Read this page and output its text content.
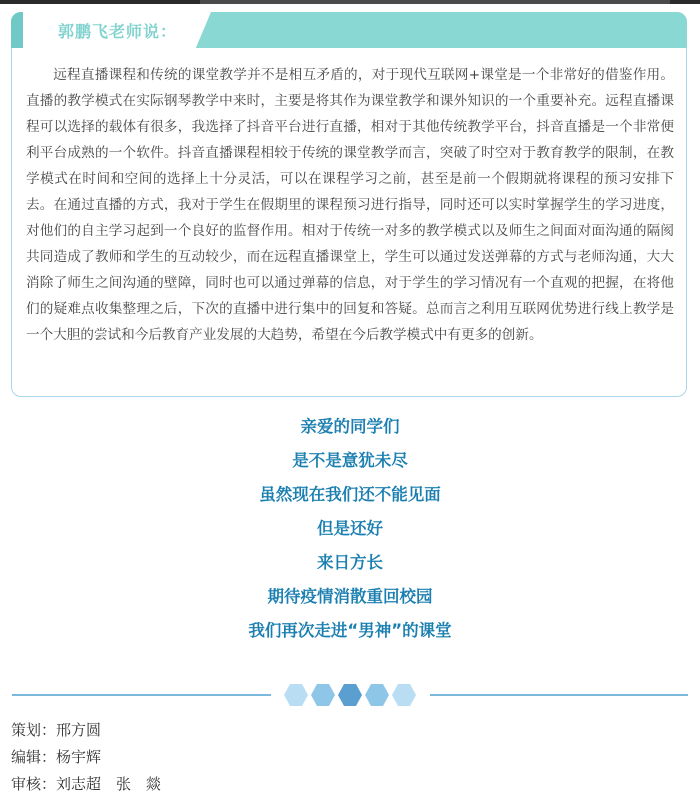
郭鹏飞老师说：

远程直播课程和传统的课堂教学并不是相互矛盾的，对于现代互联网+课堂是一个非常好的借鉴作用。直播的教学模式在实际钢琴教学中来时，主要是将其作为课堂教学和课外知识的一个重要补充。远程直播课程可以选择的载体有很多，我选择了抖音平台进行直播，相对于其他传统教学平台，抖音直播是一个非常便利平台成熟的一个软件。抖音直播课程相较于传统的课堂教学而言，突破了时空对于教育教学的限制，在教学模式在时间和空间的选择上十分灵活，可以在课程学习之前，甚至是前一个假期就将课程的预习安排下去。在通过直播的方式，我对于学生在假期里的课程预习进行指导，同时还可以实时掌握学生的学习进度，对他们的自主学习起到一个良好的监督作用。相对于传统一对多的教学模式以及师生之间面对面沟通的隔阂共同造成了教师和学生的互动较少，而在远程直播课堂上，学生可以通过发送弹幕的方式与老师沟通，大大消除了师生之间沟通的壁障，同时也可以通过弹幕的信息，对于学生的学习情况有一个直观的把握，在将他们的疑难点收集整理之后，下次的直播中进行集中的回复和答疑。总而言之利用互联网优势进行线上教学是一个大胆的尝试和今后教育产业发展的大趋势，希望在今后教学模式中有更多的创新。

亲爱的同学们
是不是意犹未尽
虽然现在我们还不能见面
但是还好
来日方长
期待疫情消散重回校园
我们再次走进“男神”的课堂
策划：邢方圆
编辑：杨宇辉
审核：刘志超　张　燚
